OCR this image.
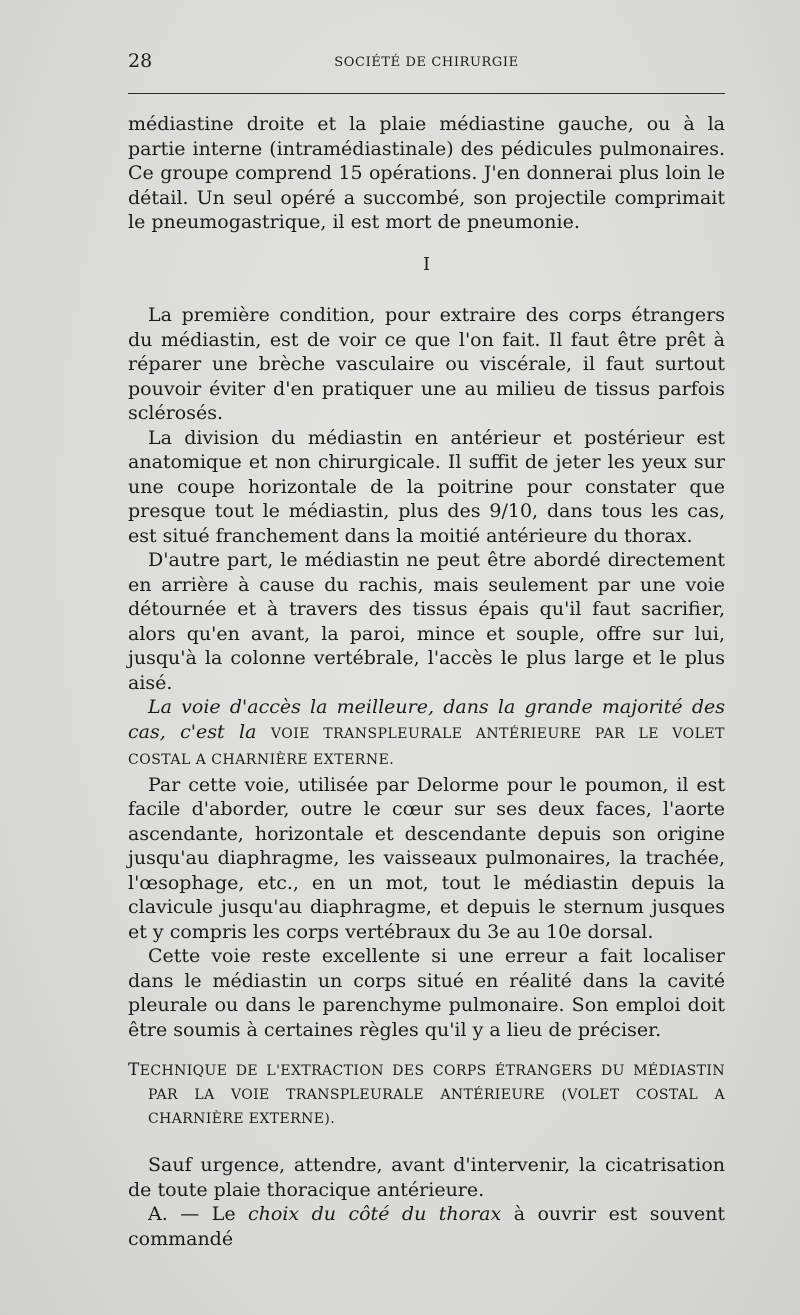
28	SOCIÉTÉ DE CHIRURGIE

médiastine droite et la plaie médiastine gauche, ou à la partie interne (intramédiastinale) des pédicules pulmonaires. Ce groupe comprend 15 opérations. J'en donnerai plus loin le détail. Un seul opéré a succombé, son projectile comprimait le pneumogastrique, il est mort de pneumonie.

I

La première condition, pour extraire des corps étrangers du médiastin, est de voir ce que l'on fait. Il faut être prêt à réparer une brèche vasculaire ou viscérale, il faut surtout pouvoir éviter d'en pratiquer une au milieu de tissus parfois sclérosés.

La division du médiastin en antérieur et postérieur est anatomique et non chirurgicale. Il suffit de jeter les yeux sur une coupe horizontale de la poitrine pour constater que presque tout le médiastin, plus des 9/10, dans tous les cas, est situé franchement dans la moitié antérieure du thorax.

D'autre part, le médiastin ne peut être abordé directement en arrière à cause du rachis, mais seulement par une voie détournée et à travers des tissus épais qu'il faut sacrifier, alors qu'en avant, la paroi, mince et souple, offre sur lui, jusqu'à la colonne vertébrale, l'accès le plus large et le plus aisé.

La voie d'accès la meilleure, dans la grande majorité des cas, c'est la VOIE TRANSPLEURALE ANTÉRIEURE PAR LE VOLET COSTAL A CHARNIÈRE EXTERNE.

Par cette voie, utilisée par Delorme pour le poumon, il est facile d'aborder, outre le cœur sur ses deux faces, l'aorte ascendante, horizontale et descendante depuis son origine jusqu'au diaphragme, les vaisseaux pulmonaires, la trachée, l'œsophage, etc., en un mot, tout le médiastin depuis la clavicule jusqu'au diaphragme, et depuis le sternum jusques et y compris les corps vertébraux du 3e au 10e dorsal.

Cette voie reste excellente si une erreur a fait localiser dans le médiastin un corps situé en réalité dans la cavité pleurale ou dans le parenchyme pulmonaire. Son emploi doit être soumis à certaines règles qu'il y a lieu de préciser.

TECHNIQUE DE L'EXTRACTION DES CORPS ÉTRANGERS DU MÉDIASTIN PAR LA VOIE TRANSPLEURALE ANTÉRIEURE (VOLET COSTAL A CHARNIÈRE EXTERNE).

Sauf urgence, attendre, avant d'intervenir, la cicatrisation de toute plaie thoracique antérieure.

A. — Le choix du côté du thorax à ouvrir est souvent commandé
